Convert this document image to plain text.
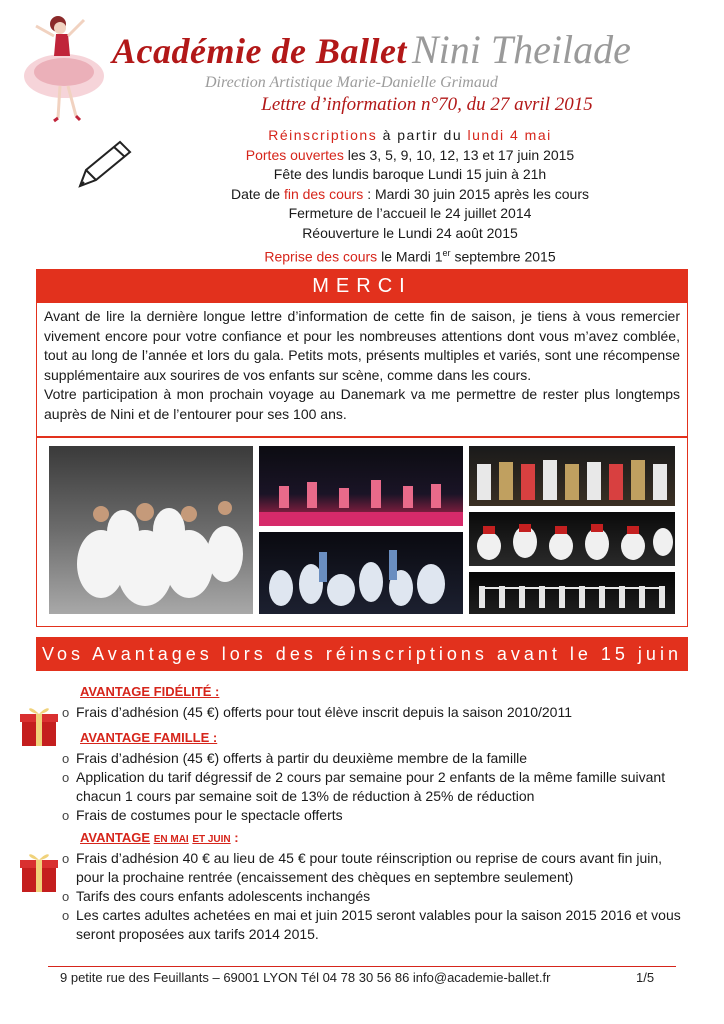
Académie de Ballet Nini Theilade
Direction Artistique Marie-Danielle Grimaud
Lettre d’information n°70, du 27 avril 2015
Réinscriptions à partir du lundi 4 mai
Portes ouvertes les 3, 5, 9, 10, 12, 13 et 17 juin 2015
Fête des lundis baroque Lundi 15 juin à 21h
Date de fin des cours : Mardi 30 juin 2015 après les cours
Fermeture de l’accueil le 24 juillet 2014
Réouverture le Lundi 24 août 2015
Reprise des cours le Mardi 1er septembre 2015
MERCI

Avant de lire la dernière longue lettre d’information de cette fin de saison, je tiens à vous remercier vivement encore pour votre confiance et pour les nombreuses attentions dont vous m’avez comblée, tout au long de l’année et lors du gala. Petits mots, présents multiples et variés, sont une récompense supplémentaire aux sourires de vos enfants sur scène, comme dans les cours.

Votre participation à mon prochain voyage au Danemark va me permettre de rester plus longtemps auprès de Nini et de l’entourer pour ses 100 ans.

Vos Avantages lors des réinscriptions avant le 15 juin
AVANTAGE FIDÉLITÉ :
o Frais d’adhésion (45 €) offerts pour tout élève inscrit depuis la saison 2010/2011
AVANTAGE FAMILLE :
o Frais d’adhésion (45 €) offerts à partir du deuxième membre de la famille
o Application du tarif dégressif de 2 cours par semaine pour 2 enfants de la même famille suivant chacun 1 cours par semaine soit de 13% de réduction à 25% de réduction
o Frais de costumes pour le spectacle offerts
AVANTAGE EN MAI ET JUIN :
o Frais d’adhésion 40 € au lieu de 45 € pour toute réinscription ou reprise de cours avant fin juin, pour la prochaine rentrée (encaissement des chèques en septembre seulement)
o Tarifs des cours enfants adolescents inchangés
o Les cartes adultes achetées en mai et juin 2015 seront valables pour la saison 2015 2016 et vous seront proposées aux tarifs 2014 2015.
9 petite rue des Feuillants – 69001 LYON Tél 04 78 30 56 86 info@academie-ballet.fr	1/5
